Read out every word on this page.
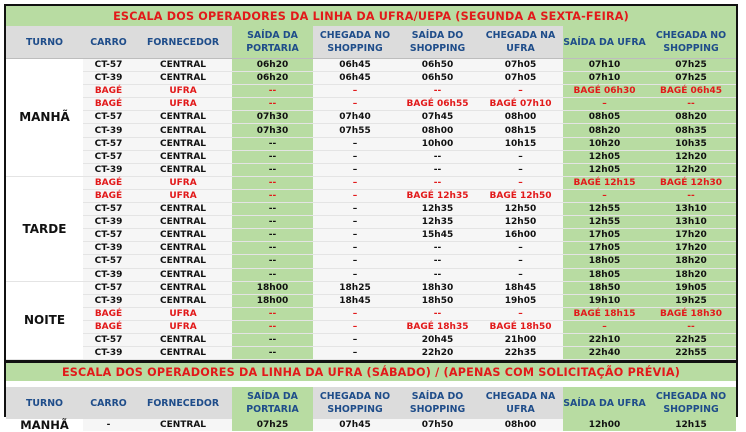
ESCALA DOS OPERADORES DA LINHA DA UFRA/UEPA (SEGUNDA A SEXTA-FEIRA)								
TURNO	CARRO	FORNECEDOR	SAÍDA DA PORTARIA	CHEGADA NO SHOPPING	SAÍDA DO SHOPPING	CHEGADA NA UFRA	SAÍDA DA UFRA	CHEGADA NO SHOPPING
MANHÃ	CT-57	CENTRAL	06h20	06h45	06h50	07h05	07h10	07h25
	CT-39	CENTRAL	06h20	06h45	06h50	07h05	07h10	07h25
	BAGÉ	UFRA	--	–	--	–	BAGÉ 06h30	BAGÉ 06h45
	BAGÉ	UFRA	--	–	BAGÉ 06h55	BAGÉ 07h10	–	--
	CT-57	CENTRAL	07h30	07h40	07h45	08h00	08h05	08h20
	CT-39	CENTRAL	07h30	07h55	08h00	08h15	08h20	08h35
	CT-57	CENTRAL	--	–	10h00	10h15	10h20	10h35
	CT-57	CENTRAL	--	–	--	–	12h05	12h20
	CT-39	CENTRAL	--	–	--	–	12h05	12h20
TARDE	BAGÉ	UFRA	--	–	--	–	BAGÉ 12h15	BAGÉ 12h30
	BAGÉ	UFRA	--	–	BAGÉ 12h35	BAGÉ 12h50	–	--
	CT-57	CENTRAL	--	–	12h35	12h50	12h55	13h10
	CT-39	CENTRAL	--	–	12h35	12h50	12h55	13h10
	CT-57	CENTRAL	--	–	15h45	16h00	17h05	17h20
	CT-39	CENTRAL	--	–	--	–	17h05	17h20
	CT-57	CENTRAL	--	–	--	–	18h05	18h20
	CT-39	CENTRAL	--	–	--	–	18h05	18h20
NOITE	CT-57	CENTRAL	18h00	18h25	18h30	18h45	18h50	19h05
	CT-39	CENTRAL	18h00	18h45	18h50	19h05	19h10	19h25
	BAGÉ	UFRA	--	–	--	–	BAGÉ 18h15	BAGÉ 18h30
	BAGÉ	UFRA	--	–	BAGÉ 18h35	BAGÉ 18h50	–	--
	CT-57	CENTRAL	--	–	20h45	21h00	22h10	22h25
	CT-39	CENTRAL	--	–	22h20	22h35	22h40	22h55

ESCALA DOS OPERADORES DA LINHA DA UFRA (SÁBADO) / (APENAS COM SOLICITAÇÃO PRÉVIA)								

TURNO	CARRO	FORNECEDOR	SAÍDA DA PORTARIA	CHEGADA NO SHOPPING	SAÍDA DO SHOPPING	CHEGADA NA UFRA	SAÍDA DA UFRA	CHEGADA NO SHOPPING
MANHÃ	-	CENTRAL	07h25	07h45	07h50	08h00	12h00	12h15
